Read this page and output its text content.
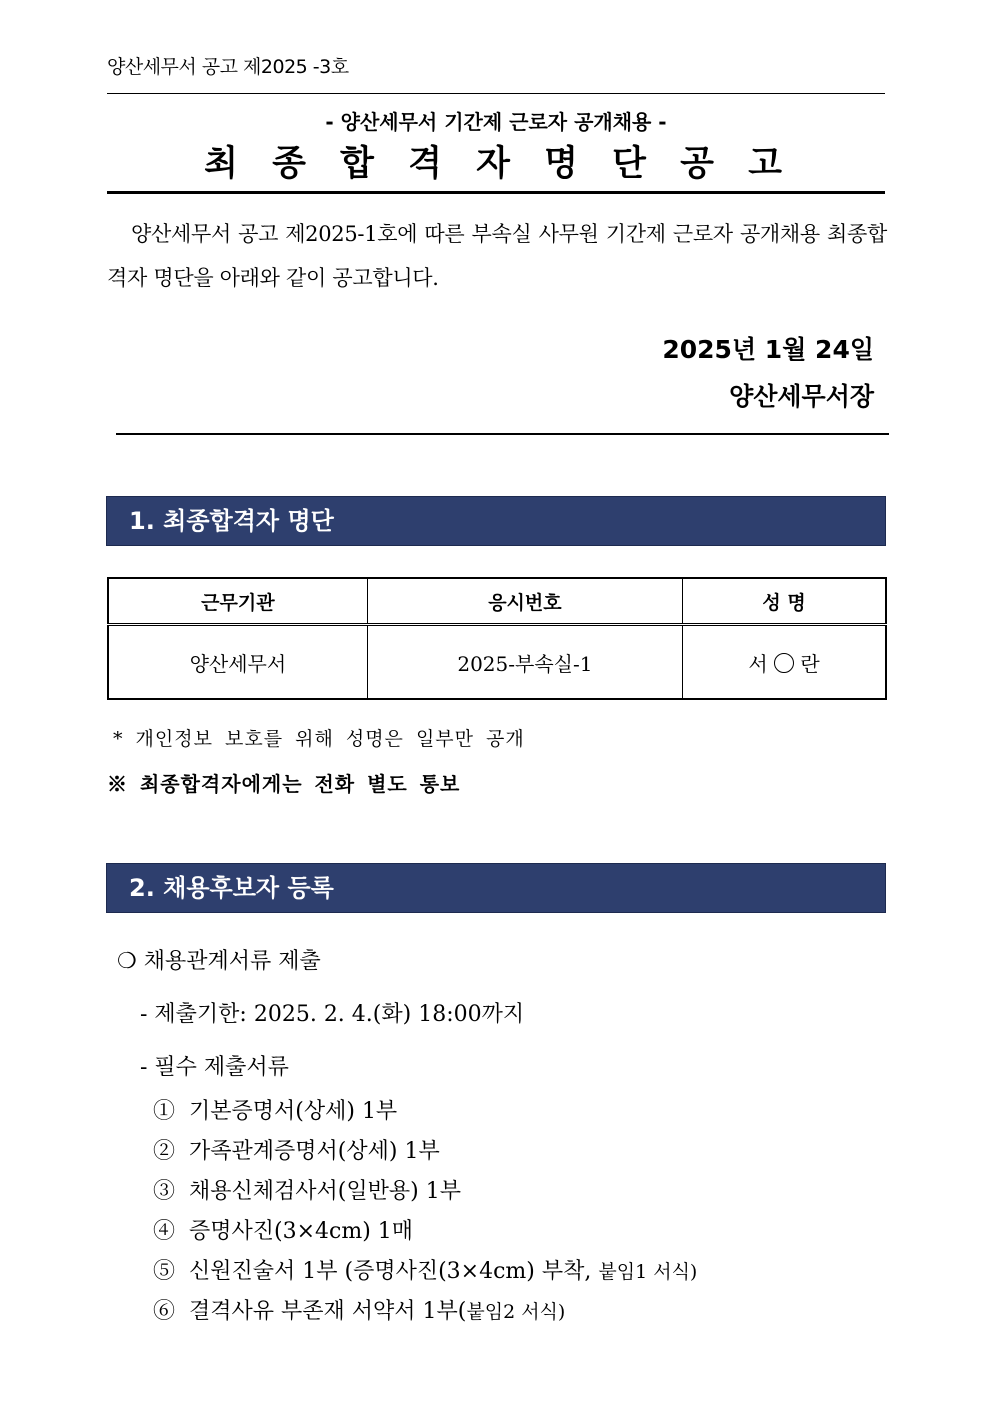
양산세무서 공고 제2025 -3호
- 양산세무서 기간제 근로자 공개채용 -
최 종 합 격 자 명 단 공 고
양산세무서 공고 제2025-1호에 따른 부속실 사무원 기간제 근로자 공개채용 최종합격자 명단을 아래와 같이 공고합니다.
2025년 1월 24일
양산세무서장
1. 최종합격자 명단
근무기관	응시번호	성 명
양산세무서	2025-부속실-1	서 란
* 개인정보 보호를 위해 성명은 일부만 공개
※ 최종합격자에게는 전화 별도 통보
2. 채용후보자 등록
❍ 채용관계서류 제출
- 제출기한: 2025. 2. 4.(화) 18:00까지
- 필수 제출서류
① 기본증명서(상세) 1부
② 가족관계증명서(상세) 1부
③ 채용신체검사서(일반용) 1부
④ 증명사진(3×4cm) 1매
⑤ 신원진술서 1부 (증명사진(3×4cm) 부착, 붙임1 서식)
⑥ 결격사유 부존재 서약서 1부(붙임2 서식)
